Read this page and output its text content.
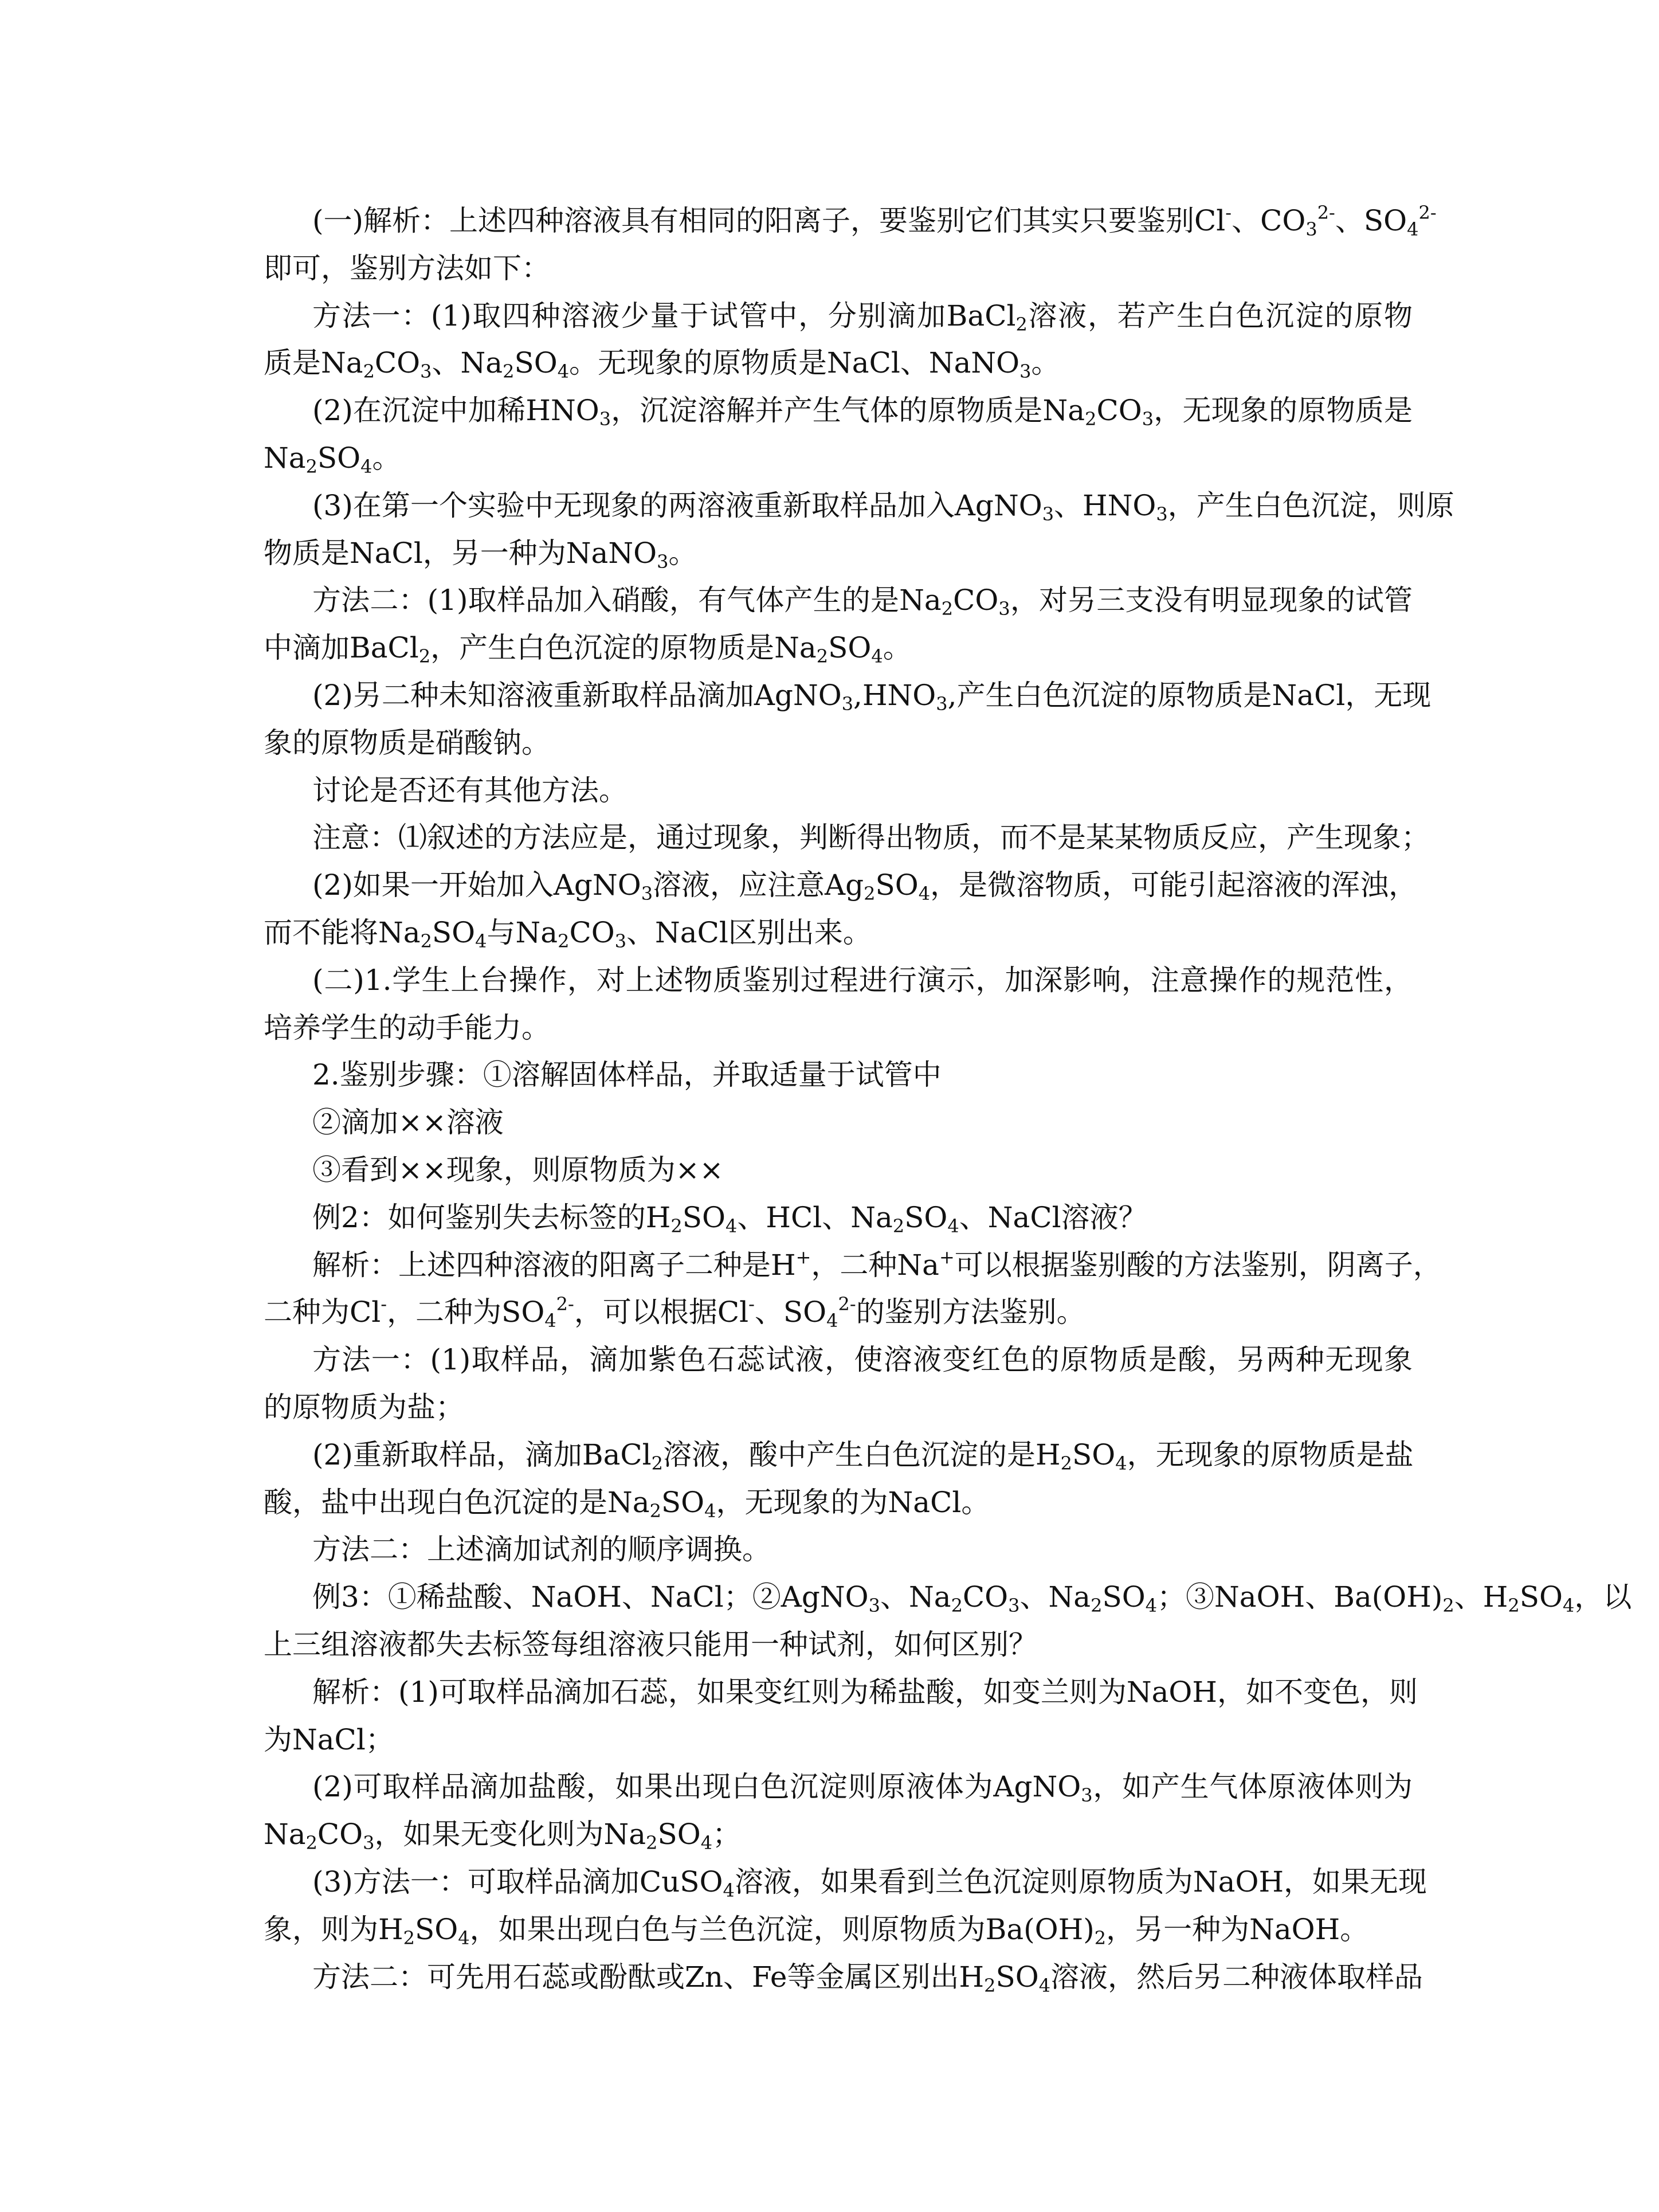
(一)解析：上述四种溶液具有相同的阳离子，要鉴别它们其实只要鉴别Cl-、$CO_3^{2-}$、$SO_4^{2-}$
即可，鉴别方法如下：
方法一：(1)取四种溶液少量于试管中，分别滴加BaCl$_2$溶液，若产生白色沉淀的原物
质是$Na_2CO_3$、$Na_2SO_4$。无现象的原物质是NaCl、NaNO$_3$。
(2)在沉淀中加稀$HNO_3$，沉淀溶解并产生气体的原物质是$Na_2CO_3$，无现象的原物质是
$Na_2SO_4$。
(3)在第一个实验中无现象的两溶液重新取样品加入AgNO$_3$、$HNO_3$，产生白色沉淀，则原
物质是NaCl，另一种为NaNO$_3$。
方法二：(1)取样品加入硝酸，有气体产生的是$Na_2CO_3$，对另三支没有明显现象的试管
中滴加BaCl$_2$，产生白色沉淀的原物质是$Na_2SO_4$。
(2)另二种未知溶液重新取样品滴加$AgNO_3,HNO_3$,产生白色沉淀的原物质是NaCl，无现
象的原物质是硝酸钠。
讨论是否还有其他方法。
注意：⑴叙述的方法应是，通过现象，判断得出物质，而不是某某物质反应，产生现象；
(2)如果一开始加入AgNO$_3$溶液，应注意$Ag_2SO_4$，是微溶物质，可能引起溶液的浑浊，
而不能将$Na_2SO_4$与$Na_2CO_3$、NaCl区别出来。
(二)1.学生上台操作，对上述物质鉴别过程进行演示，加深影响，注意操作的规范性，
培养学生的动手能力。
2.鉴别步骤：①溶解固体样品，并取适量于试管中
②滴加××溶液
③看到××现象，则原物质为××
例2：如何鉴别失去标签的$H_2SO_4$、HCl、$Na_2SO_4$、NaCl溶液？
解析：上述四种溶液的阳离子二种是H+，二种Na+可以根据鉴别酸的方法鉴别，阴离子，
二种为Cl-，二种为$SO_4^{2-}$，可以根据Cl-、$SO_4^{2-}$的鉴别方法鉴别。
方法一：(1)取样品，滴加紫色石蕊试液，使溶液变红色的原物质是酸，另两种无现象
的原物质为盐；
(2)重新取样品，滴加BaCl$_2$溶液，酸中产生白色沉淀的是$H_2SO_4$，无现象的原物质是盐
酸，盐中出现白色沉淀的是$Na_2SO_4$，无现象的为NaCl。
方法二：上述滴加试剂的顺序调换。
例3：①稀盐酸、NaOH、NaCl；②AgNO$_3$、$Na_2CO_3$、$Na_2SO_4$；③NaOH、$Ba(OH)_2$、$H_2SO_4$，以
上三组溶液都失去标签每组溶液只能用一种试剂，如何区别？
解析：(1)可取样品滴加石蕊，如果变红则为稀盐酸，如变兰则为NaOH，如不变色，则
为NaCl；
(2)可取样品滴加盐酸，如果出现白色沉淀则原液体为AgNO$_3$，如产生气体原液体则为
$Na_2CO_3$，如果无变化则为$Na_2SO_4$；
(3)方法一：可取样品滴加CuSO$_4$溶液，如果看到兰色沉淀则原物质为NaOH，如果无现
象，则为$H_2SO_4$，如果出现白色与兰色沉淀，则原物质为$Ba(OH)_2$，另一种为NaOH。
方法二：可先用石蕊或酚酞或Zn、Fe等金属区别出$H_2SO_4$溶液，然后另二种液体取样品
